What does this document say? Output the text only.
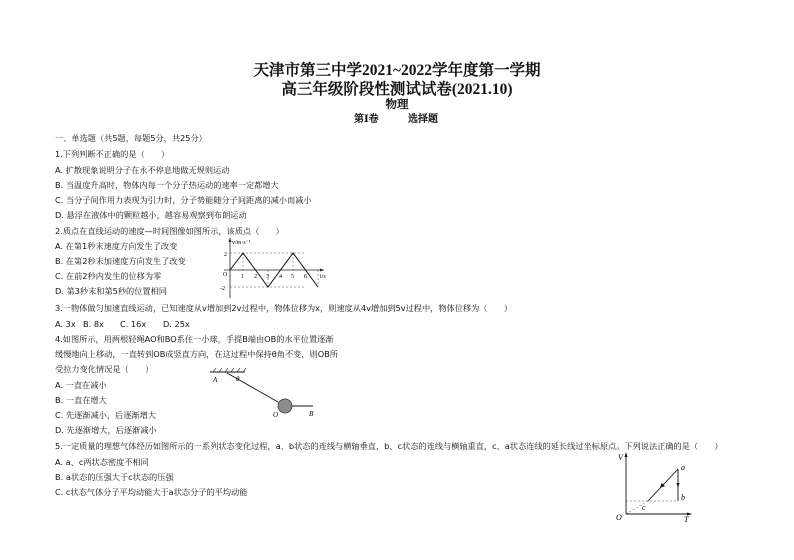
天津市第三中学2021~2022学年度第一学期
高三年级阶段性测试试卷(2021.10)
物理
第Ⅰ卷	选择题
一、单选题（共5题，每题5分，共25分）
1.下列判断不正确的是（　　）
A. 扩散现象说明分子在永不停息地做无规则运动
B. 当温度升高时，物体内每一个分子热运动的速率一定都增大
C. 当分子间作用力表现为引力时，分子势能随分子间距离的减小而减小
D. 悬浮在液体中的颗粒越小，越容易观察到布朗运动
2.质点在直线运动的速度—时间图像如图所示，该质点（　　）
A. 在第1秒末速度方向发生了改变
B. 在第2秒末加速度方向发生了改变
C. 在前2秒内发生的位移为零
D. 第3秒末和第5秒的位置相同
v/m·s⁻¹
t/s
O
2
-2
1 2 3 4 5 6
3.一物体做匀加速直线运动，已知速度从v增加到2v过程中，物体位移为x，则速度从4v增加到5v过程中，物体位移为（　　）
A. 3x B. 8x C. 16x D. 25x
4.如图所示，用两根轻绳AO和BO系住一小球，手提B端由OB的水平位置逐渐
缓慢地向上移动，一直转到OB成竖直方向，在这过程中保持θ角不变，则OB所
受拉力变化情况是（　　）
A. 一直在减小
B. 一直在增大
C. 先逐渐减小，后逐渐增大
D. 先逐渐增大，后逐渐减小
A	θ
O	B
5.一定质量的理想气体经历如图所示的一系列状态变化过程，a、b状态的连线与横轴垂直，b、c状态的连线与横轴重直，c、a状态连线的延长线过坐标原点。下列说法正确的是（　　）
A. a、c两状态密度不相同
B. a状态的压强大于c状态的压强
C. c状态气体分子平均动能大于a状态分子的平均动能
V
T
O
a
b
c
